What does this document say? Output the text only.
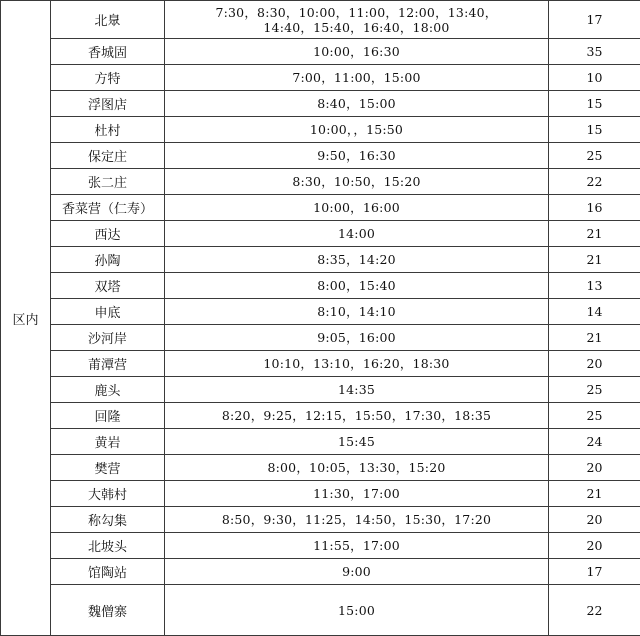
区内	北臮	7:30，8:30，10:00，11:00，12:00，13:40，
14:40，15:40，16:40，18:00	17
	香城固	10:00，16:30	35
	方特	7:00，11:00，15:00	10
	浮图店	8:40，15:00	15
	杜村	10:00，，15:50	15
	保定庄	9:50，16:30	25
	张二庄	8:30，10:50，15:20	22
	香菜营（仁寿）	10:00，16:00	16
	西达	14:00	21
	孙陶	8:35，14:20	21
	双塔	8:00，15:40	13
	申底	8:10，14:10	14
	沙河岸	9:05，16:00	21
	莆潭营	10:10，13:10，16:20，18:30	20
	鹿头	14:35	25
	回隆	8:20，9:25，12:15，15:50，17:30，18:35	25
	黄岩	15:45	24
	樊营	8:00，10:05，13:30，15:20	20
	大韩村	11:30，17:00	21
	称勾集	8:50，9:30，11:25，14:50，15:30，17:20	20
	北坡头	11:55，17:00	20
	馆陶站	9:00	17
	魏僧寨	15:00	22
